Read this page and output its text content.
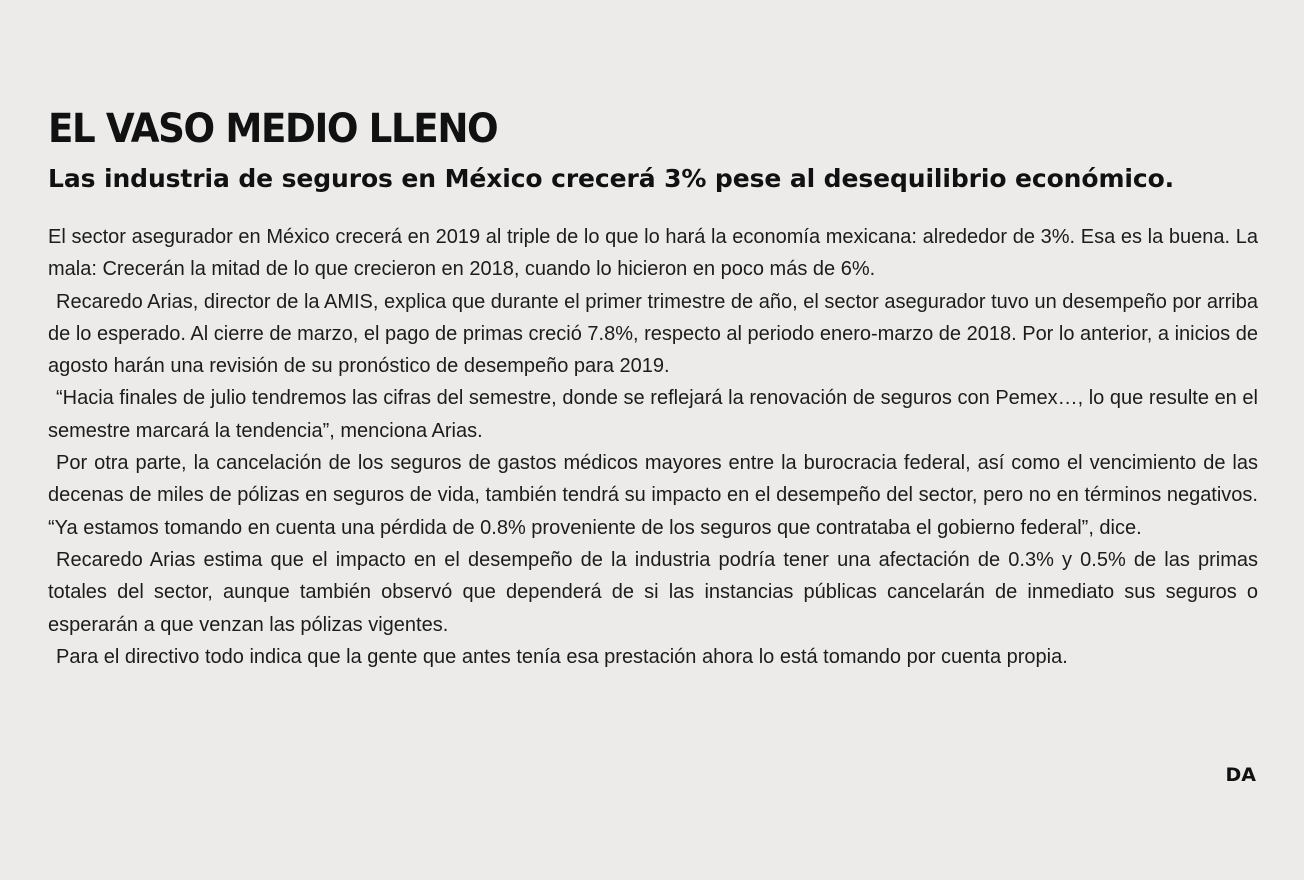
EL VASO MEDIO LLENO
Las industria de seguros en México crecerá 3% pese al desequilibrio económico.

El sector asegurador en México crecerá en 2019 al triple de lo que lo hará la economía mexicana: alrededor de 3%. Esa es la buena. La mala: Crecerán la mitad de lo que crecieron en 2018, cuando lo hicieron en poco más de 6%.

Recaredo Arias, director de la AMIS, explica que durante el primer trimestre de año, el sector asegurador tuvo un desempeño por arriba de lo esperado. Al cierre de marzo, el pago de primas creció 7.8%, respecto al periodo enero-marzo de 2018. Por lo anterior, a inicios de agosto harán una revisión de su pronóstico de desempeño para 2019.

“Hacia finales de julio tendremos las cifras del semestre, donde se reflejará la renovación de seguros con Pemex…, lo que resulte en el semestre marcará la tendencia”, menciona Arias.

Por otra parte, la cancelación de los seguros de gastos médicos mayores entre la burocracia federal, así como el vencimiento de las decenas de miles de pólizas en seguros de vida, también tendrá su impacto en el desempeño del sector, pero no en términos negativos. “Ya estamos tomando en cuenta una pérdida de 0.8% proveniente de los seguros que contrataba el gobierno federal”, dice.

Recaredo Arias estima que el impacto en el desempeño de la industria podría tener una afectación de 0.3% y 0.5% de las primas totales del sector, aunque también observó que dependerá de si las instancias públicas cancelarán de inmediato sus seguros o esperarán a que venzan las pólizas vigentes.

Para el directivo todo indica que la gente que antes tenía esa prestación ahora lo está tomando por cuenta propia.

DA
